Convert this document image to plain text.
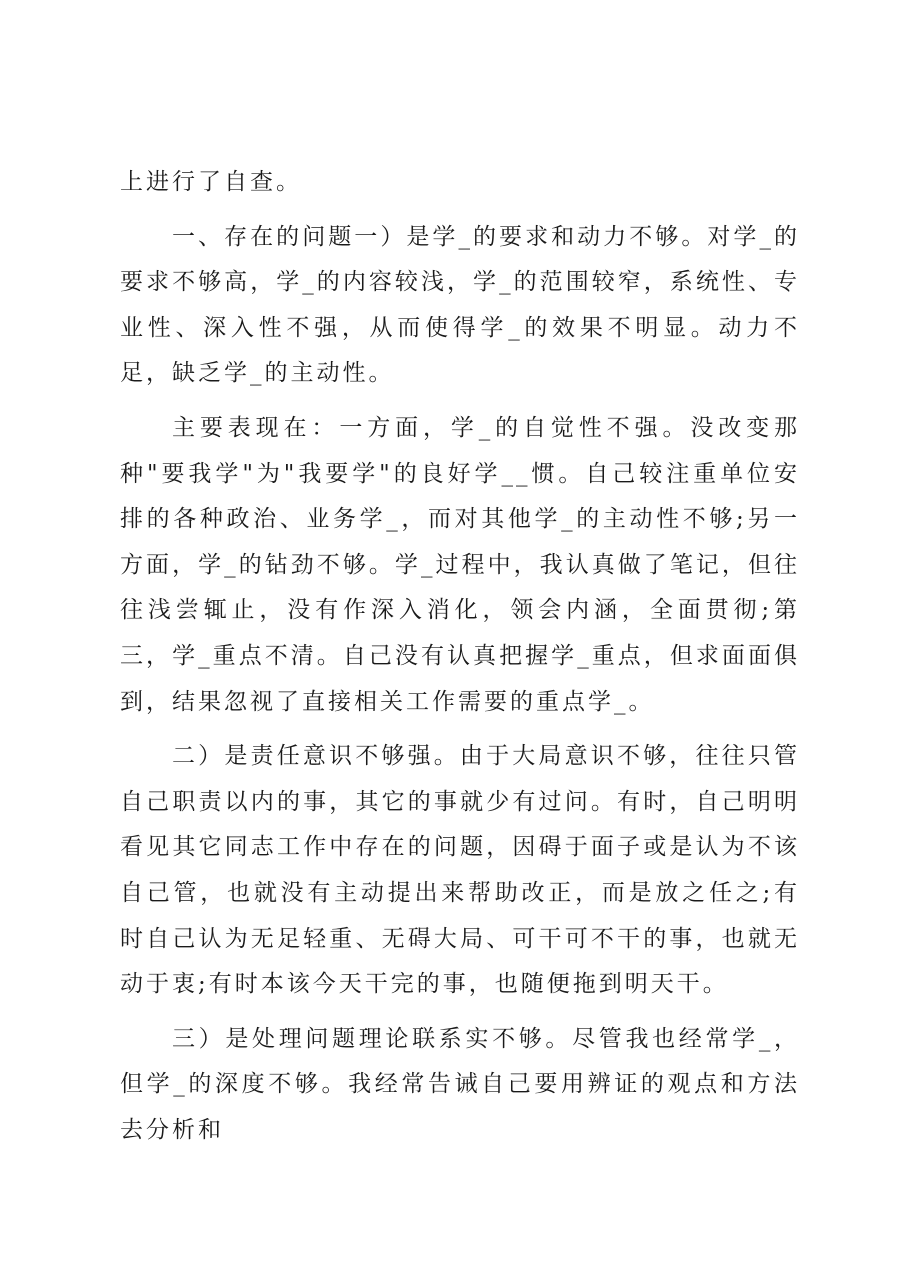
上进行了自查。

一、存在的问题一）是学_的要求和动力不够。对学_的要求不够高，学_的内容较浅，学_的范围较窄，系统性、专业性、深入性不强，从而使得学_的效果不明显。动力不足，缺乏学_的主动性。

主要表现在：一方面，学_的自觉性不强。没改变那种"要我学"为"我要学"的良好学__惯。自己较注重单位安排的各种政治、业务学_，而对其他学_的主动性不够;另一方面，学_的钻劲不够。学_过程中，我认真做了笔记，但往往浅尝辄止，没有作深入消化，领会内涵，全面贯彻;第三，学_重点不清。自己没有认真把握学_重点，但求面面俱到，结果忽视了直接相关工作需要的重点学_。

二）是责任意识不够强。由于大局意识不够，往往只管自己职责以内的事，其它的事就少有过问。有时，自己明明看见其它同志工作中存在的问题，因碍于面子或是认为不该自己管，也就没有主动提出来帮助改正，而是放之任之;有时自己认为无足轻重、无碍大局、可干可不干的事，也就无动于衷;有时本该今天干完的事，也随便拖到明天干。

三）是处理问题理论联系实不够。尽管我也经常学_，但学_的深度不够。我经常告诫自己要用辨证的观点和方法去分析和
